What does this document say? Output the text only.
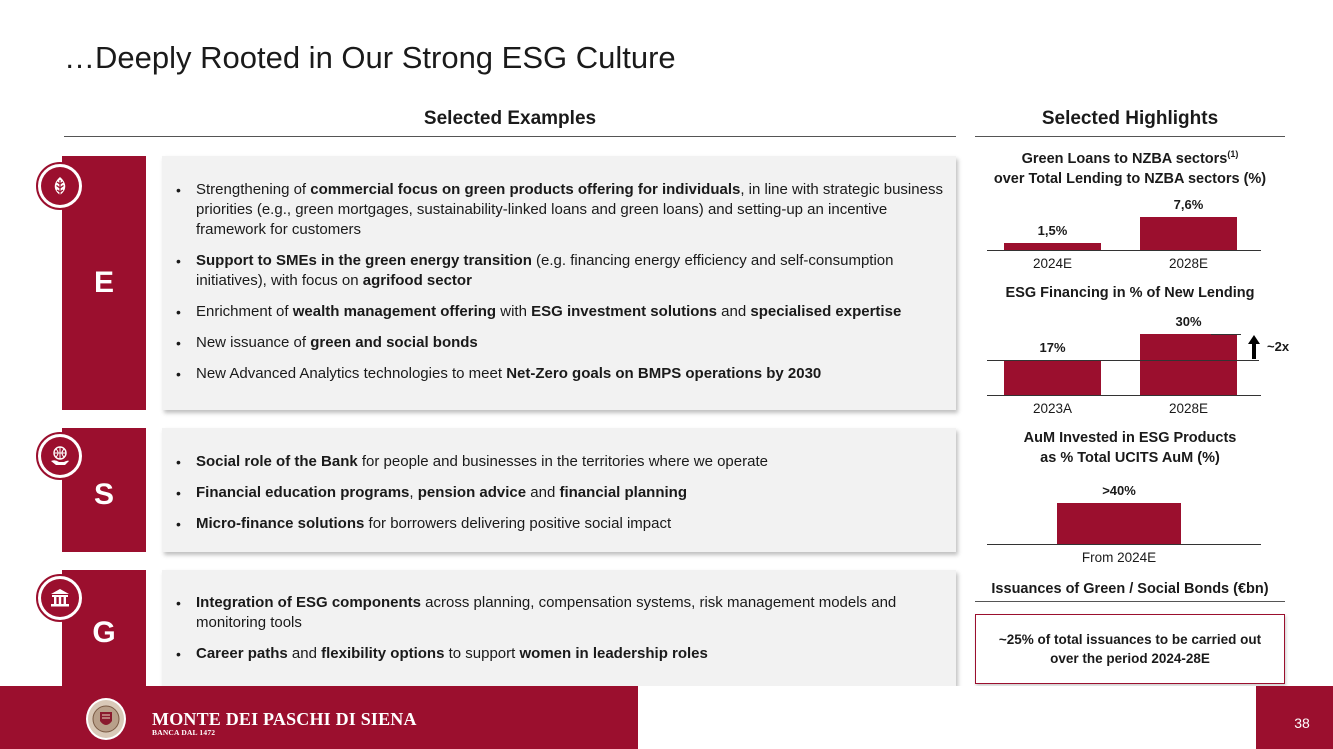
…Deeply Rooted in Our Strong ESG Culture
Selected Examples	Selected Highlights
E
• Strengthening of commercial focus on green products offering for individuals, in line with strategic business priorities (e.g., green mortgages, sustainability-linked loans and green loans) and setting-up an incentive framework for customers
• Support to SMEs in the green energy transition (e.g. financing energy efficiency and self-consumption initiatives), with focus on agrifood sector
• Enrichment of wealth management offering with ESG investment solutions and specialised expertise
• New issuance of green and social bonds
• New Advanced Analytics technologies to meet Net-Zero goals on BMPS operations by 2030
S
• Social role of the Bank for people and businesses in the territories where we operate
• Financial education programs, pension advice and financial planning
• Micro-finance solutions for borrowers delivering positive social impact
G
• Integration of ESG components across planning, compensation systems, risk management models and monitoring tools
• Career paths and flexibility options to support women in leadership roles
Green Loans to NZBA sectors$^{(1)}$
over Total Lending to NZBA sectors (%)
1,5%
7,6%
2024E	2028E
ESG Financing in % of New Lending
17%
30%
~2x
2023A	2028E
AuM Invested in ESG Products
as % Total UCITS AuM (%)
>40%
From 2024E
Issuances of Green / Social Bonds (€bn)
~25% of total issuances to be carried out
over the period 2024-28E
Notes: (1) Sectors with high emissions intensity (oil and gas, iron and steel, energy production and distribution, aluminium, cement, real estate, transports and agriculture).
MONTE DEI PASCHI DI SIENA
BANCA DAL 1472
38
